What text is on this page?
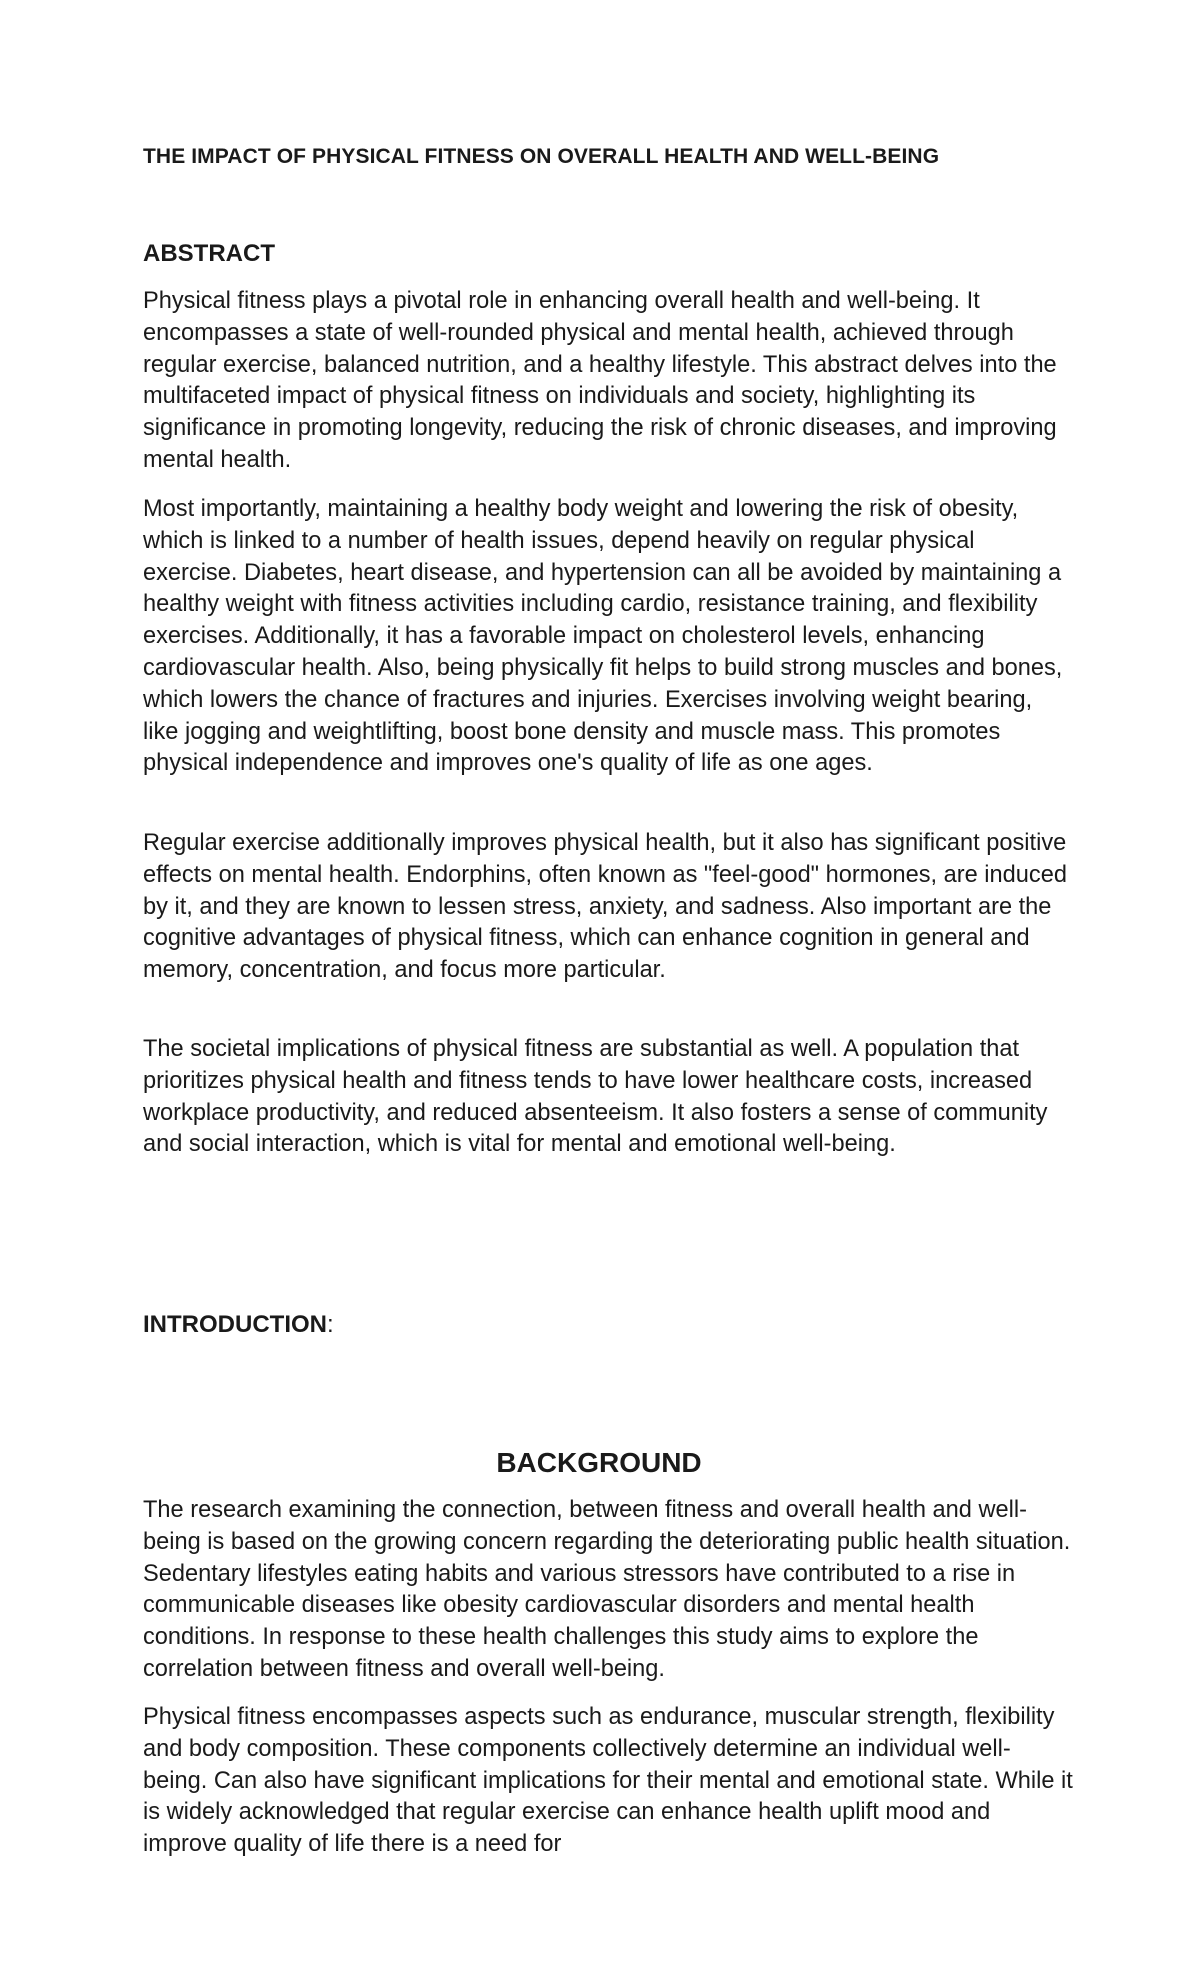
THE IMPACT OF PHYSICAL FITNESS ON OVERALL HEALTH AND WELL-BEING
ABSTRACT

Physical fitness plays a pivotal role in enhancing overall health and well-being. It encompasses a state of well-rounded physical and mental health, achieved through regular exercise, balanced nutrition, and a healthy lifestyle. This abstract delves into the multifaceted impact of physical fitness on individuals and society, highlighting its significance in promoting longevity, reducing the risk of chronic diseases, and improving mental health.

Most importantly, maintaining a healthy body weight and lowering the risk of obesity, which is linked to a number of health issues, depend heavily on regular physical exercise. Diabetes, heart disease, and hypertension can all be avoided by maintaining a healthy weight with fitness activities including cardio, resistance training, and flexibility exercises. Additionally, it has a favorable impact on cholesterol levels, enhancing cardiovascular health. Also, being physically fit helps to build strong muscles and bones, which lowers the chance of fractures and injuries. Exercises involving weight bearing, like jogging and weightlifting, boost bone density and muscle mass. This promotes physical independence and improves one's quality of life as one ages.

Regular exercise additionally improves physical health, but it also has significant positive effects on mental health. Endorphins, often known as "feel-good" hormones, are induced by it, and they are known to lessen stress, anxiety, and sadness. Also important are the cognitive advantages of physical fitness, which can enhance cognition in general and memory, concentration, and focus more particular.

The societal implications of physical fitness are substantial as well. A population that prioritizes physical health and fitness tends to have lower healthcare costs, increased workplace productivity, and reduced absenteeism. It also fosters a sense of community and social interaction, which is vital for mental and emotional well-being.

INTRODUCTION:
BACKGROUND

The research examining the connection, between fitness and overall health and well-being is based on the growing concern regarding the deteriorating public health situation. Sedentary lifestyles eating habits and various stressors have contributed to a rise in communicable diseases like obesity cardiovascular disorders and mental health conditions. In response to these health challenges this study aims to explore the correlation between fitness and overall well-being.

Physical fitness encompasses aspects such as endurance, muscular strength, flexibility and body composition. These components collectively determine an individual well-being. Can also have significant implications for their mental and emotional state. While it is widely acknowledged that regular exercise can enhance health uplift mood and improve quality of life there is a need for
